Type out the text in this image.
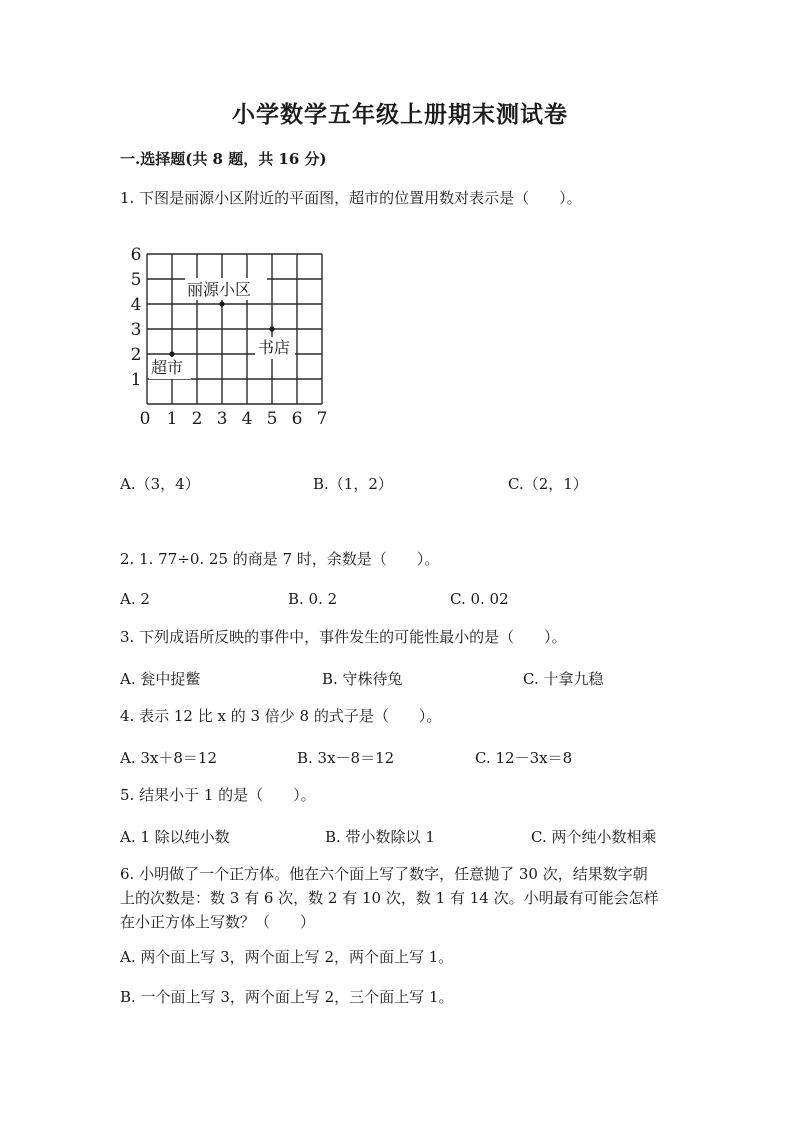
小学数学五年级上册期末测试卷
一.选择题(共 8 题，共 16 分)
1. 下图是丽源小区附近的平面图，超市的位置用数对表示是（　　）。
6
5
4
3
2
1
0 1 2 3 4 5 6 7
丽源小区
书店
超市
A.（3，4）	B.（1，2）	C.（2，1）
2. 1. 77÷0. 25 的商是 7 时，余数是（　　）。
A. 2	B. 0. 2	C. 0. 02
3. 下列成语所反映的事件中，事件发生的可能性最小的是（　　）。
A. 瓮中捉鳖	B. 守株待兔	C. 十拿九稳
4. 表示 12 比 x 的 3 倍少 8 的式子是（　　）。
A. 3x＋8＝12	B. 3x－8＝12	C. 12－3x＝8
5. 结果小于 1 的是（　　）。
A. 1 除以纯小数	B. 带小数除以 1	C. 两个纯小数相乘
6. 小明做了一个正方体。他在六个面上写了数字，任意抛了 30 次，结果数字朝
上的次数是：数 3 有 6 次，数 2 有 10 次，数 1 有 14 次。小明最有可能会怎样
在小正方体上写数？（　　）
A. 两个面上写 3，两个面上写 2，两个面上写 1。
B. 一个面上写 3，两个面上写 2，三个面上写 1。
